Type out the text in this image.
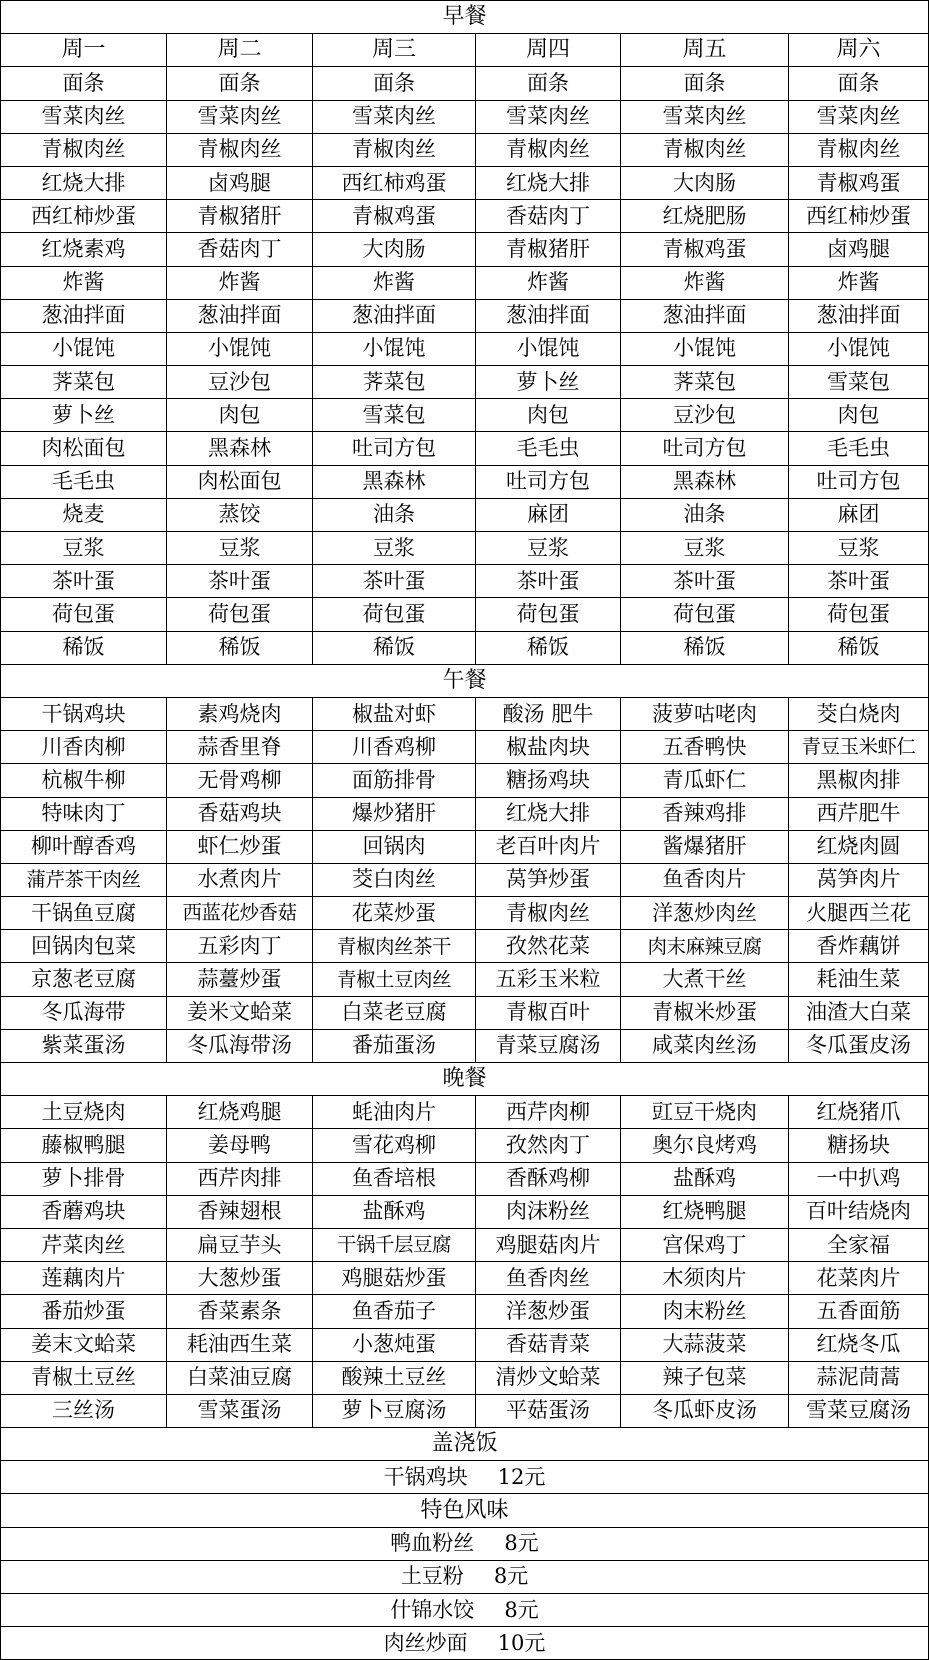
早餐					
周一	周二	周三	周四	周五	周六
面条	面条	面条	面条	面条	面条
雪菜肉丝	雪菜肉丝	雪菜肉丝	雪菜肉丝	雪菜肉丝	雪菜肉丝
青椒肉丝	青椒肉丝	青椒肉丝	青椒肉丝	青椒肉丝	青椒肉丝
红烧大排	卤鸡腿	西红柿鸡蛋	红烧大排	大肉肠	青椒鸡蛋
西红柿炒蛋	青椒猪肝	青椒鸡蛋	香菇肉丁	红烧肥肠	西红柿炒蛋
红烧素鸡	香菇肉丁	大肉肠	青椒猪肝	青椒鸡蛋	卤鸡腿
炸酱	炸酱	炸酱	炸酱	炸酱	炸酱
葱油拌面	葱油拌面	葱油拌面	葱油拌面	葱油拌面	葱油拌面
小馄饨	小馄饨	小馄饨	小馄饨	小馄饨	小馄饨
荠菜包	豆沙包	荠菜包	萝卜丝	荠菜包	雪菜包
萝卜丝	肉包	雪菜包	肉包	豆沙包	肉包
肉松面包	黑森林	吐司方包	毛毛虫	吐司方包	毛毛虫
毛毛虫	肉松面包	黑森林	吐司方包	黑森林	吐司方包
烧麦	蒸饺	油条	麻团	油条	麻团
豆浆	豆浆	豆浆	豆浆	豆浆	豆浆
茶叶蛋	茶叶蛋	茶叶蛋	茶叶蛋	茶叶蛋	茶叶蛋
荷包蛋	荷包蛋	荷包蛋	荷包蛋	荷包蛋	荷包蛋
稀饭	稀饭	稀饭	稀饭	稀饭	稀饭
午餐					
干锅鸡块	素鸡烧肉	椒盐对虾	酸汤 肥牛	菠萝咕咾肉	茭白烧肉
川香肉柳	蒜香里脊	川香鸡柳	椒盐肉块	五香鸭快	青豆玉米虾仁
杭椒牛柳	无骨鸡柳	面筋排骨	糖扬鸡块	青瓜虾仁	黑椒肉排
特味肉丁	香菇鸡块	爆炒猪肝	红烧大排	香辣鸡排	西芹肥牛
柳叶醇香鸡	虾仁炒蛋	回锅肉	老百叶肉片	酱爆猪肝	红烧肉圆
蒲芹茶干肉丝	水煮肉片	茭白肉丝	莴笋炒蛋	鱼香肉片	莴笋肉片
干锅鱼豆腐	西蓝花炒香菇	花菜炒蛋	青椒肉丝	洋葱炒肉丝	火腿西兰花
回锅肉包菜	五彩肉丁	青椒肉丝茶干	孜然花菜	肉末麻辣豆腐	香炸藕饼
京葱老豆腐	蒜薹炒蛋	青椒土豆肉丝	五彩玉米粒	大煮干丝	耗油生菜
冬瓜海带	姜米文蛤菜	白菜老豆腐	青椒百叶	青椒米炒蛋	油渣大白菜
紫菜蛋汤	冬瓜海带汤	番茄蛋汤	青菜豆腐汤	咸菜肉丝汤	冬瓜蛋皮汤
晚餐					
土豆烧肉	红烧鸡腿	蚝油肉片	西芹肉柳	豇豆干烧肉	红烧猪爪
藤椒鸭腿	姜母鸭	雪花鸡柳	孜然肉丁	奥尔良烤鸡	糖扬块
萝卜排骨	西芹肉排	鱼香培根	香酥鸡柳	盐酥鸡	一中扒鸡
香蘑鸡块	香辣翅根	盐酥鸡	肉沫粉丝	红烧鸭腿	百叶结烧肉
芹菜肉丝	扁豆芋头	干锅千层豆腐	鸡腿菇肉片	宫保鸡丁	全家福
莲藕肉片	大葱炒蛋	鸡腿菇炒蛋	鱼香肉丝	木须肉片	花菜肉片
番茄炒蛋	香菜素条	鱼香茄子	洋葱炒蛋	肉末粉丝	五香面筋
姜末文蛤菜	耗油西生菜	小葱炖蛋	香菇青菜	大蒜菠菜	红烧冬瓜
青椒土豆丝	白菜油豆腐	酸辣土豆丝	清炒文蛤菜	辣子包菜	蒜泥茼蒿
三丝汤	雪菜蛋汤	萝卜豆腐汤	平菇蛋汤	冬瓜虾皮汤	雪菜豆腐汤
盖浇饭					
干锅鸡块 12元					
特色风味					
鸭血粉丝 8元					
土豆粉 8元					
什锦水饺 8元					
肉丝炒面 10元					
